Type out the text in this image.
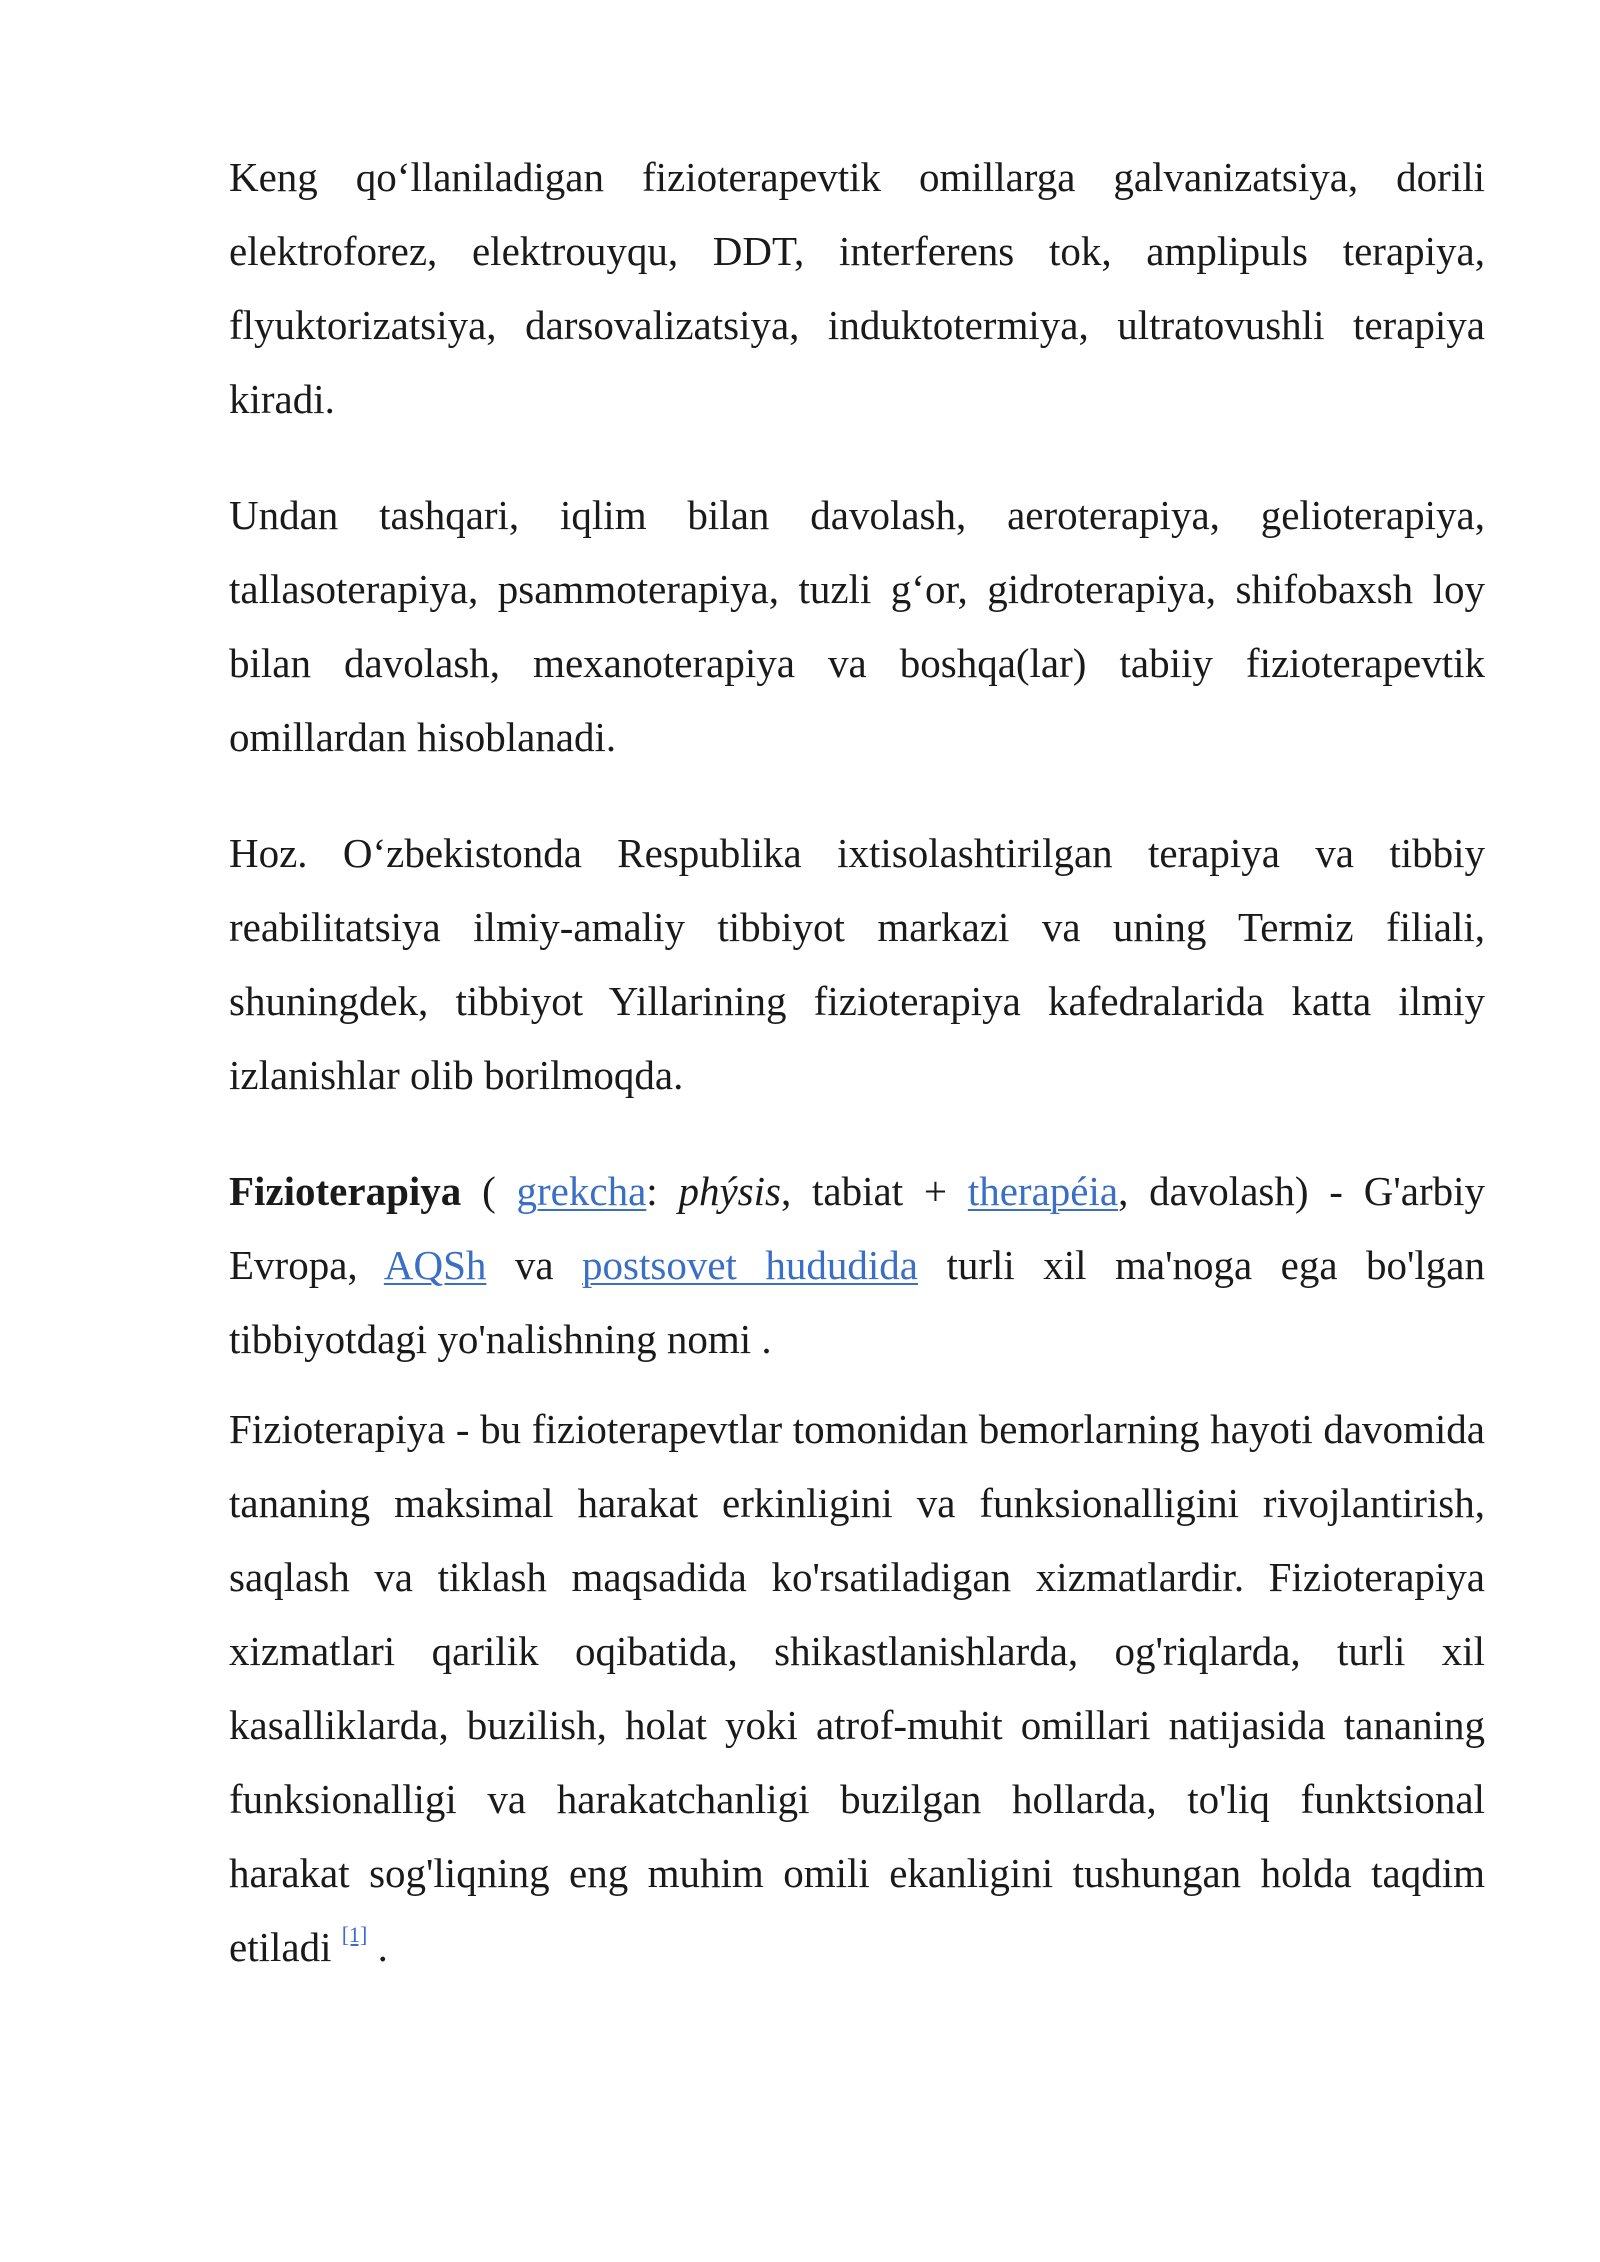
Keng qo‘llaniladigan fizioterapevtik omillarga galvanizatsiya, dorili elektroforez, elektrouyqu, DDT, interferens tok, amplipuls terapiya, flyuktorizatsiya, darsovalizatsiya, induktotermiya, ultratovushli terapiya kiradi.

Undan tashqari, iqlim bilan davolash, aeroterapiya, gelioterapiya, tallasoterapiya, psammoterapiya, tuzli g‘or, gidroterapiya, shifobaxsh loy bilan davolash, mexanoterapiya va boshqa(lar) tabiiy fizioterapevtik omillardan hisoblanadi.

Hoz. O‘zbekistonda Respublika ixtisolashtirilgan terapiya va tibbiy reabilitatsiya ilmiy-amaliy tibbiyot markazi va uning Termiz filiali, shuningdek, tibbiyot Yillarining fizioterapiya kafedralarida katta ilmiy izlanishlar olib borilmoqda.

Fizioterapiya ( grekcha: phýsis, tabiat + therapéia, davolash) - G'arbiy Evropa, AQSh va postsovet hududida turli xil ma'noga ega bo'lgan tibbiyotdagi yo'nalishning nomi .

Fizioterapiya - bu fizioterapevtlar tomonidan bemorlarning hayoti davomida tananing maksimal harakat erkinligini va funksionalligini rivojlantirish, saqlash va tiklash maqsadida ko'rsatiladigan xizmatlardir. Fizioterapiya xizmatlari qarilik oqibatida, shikastlanishlarda, og'riqlarda, turli xil kasalliklarda, buzilish, holat yoki atrof-muhit omillari natijasida tananing funksionalligi va harakatchanligi buzilgan hollarda, to'liq funktsional harakat sog'liqning eng muhim omili ekanligini tushungan holda taqdim etiladi [1] .
